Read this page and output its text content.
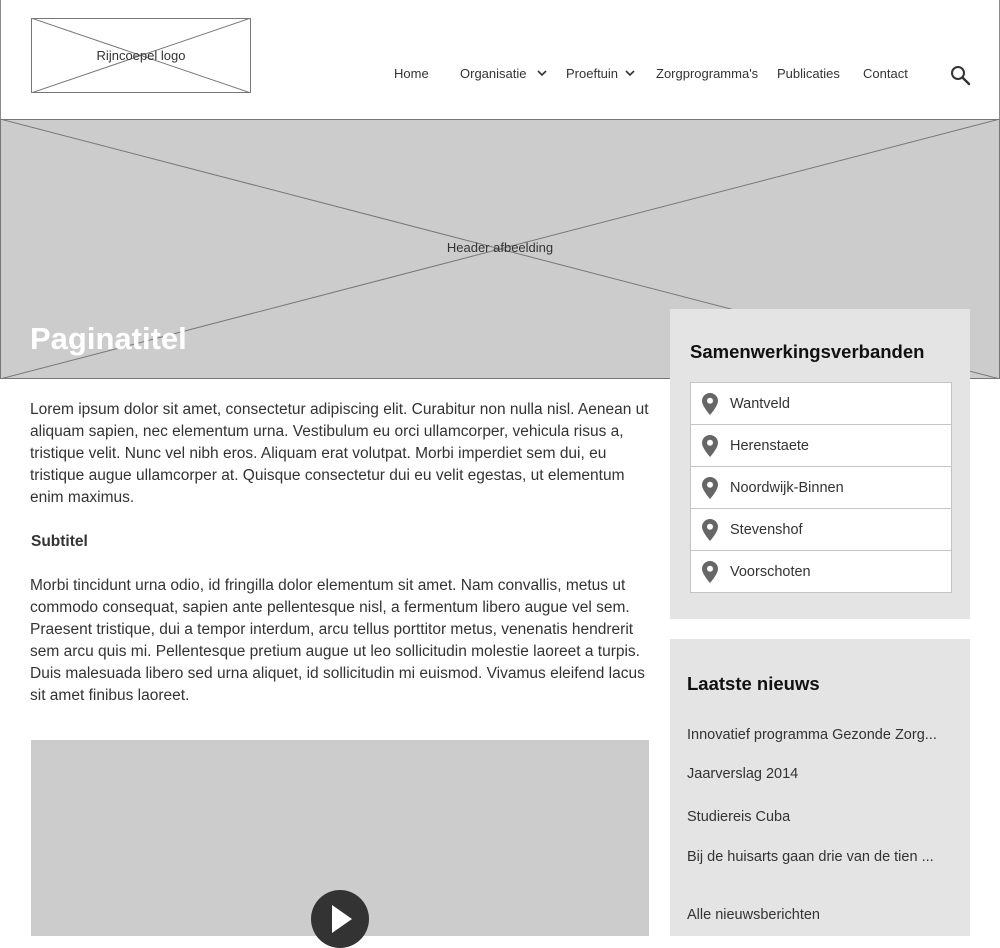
Rijncoepel logo
Home Organisatie	Proeftuin	Zorgprogramma's Publicaties Contact
Header afbeelding
Paginatitel

Lorem ipsum dolor sit amet, consectetur adipiscing elit. Curabitur non nulla nisl. Aenean ut aliquam sapien, nec elementum urna. Vestibulum eu orci ullamcorper, vehicula risus a, tristique velit. Nunc vel nibh eros. Aliquam erat volutpat. Morbi imperdiet sem dui, eu tristique augue ullamcorper at. Quisque consectetur dui eu velit egestas, ut elementum enim maximus.

Subtitel

Morbi tincidunt urna odio, id fringilla dolor elementum sit amet. Nam convallis, metus ut commodo consequat, sapien ante pellentesque nisl, a fermentum libero augue vel sem. Praesent tristique, dui a tempor interdum, arcu tellus porttitor metus, venenatis hendrerit sem arcu quis mi. Pellentesque pretium augue ut leo sollicitudin molestie laoreet a turpis. Duis malesuada libero sed urna aliquet, id sollicitudin mi euismod. Vivamus eleifend lacus sit amet finibus laoreet.

Samenwerkingsverbanden
Wantveld
Herenstaete
Noordwijk-Binnen
Stevenshof
Voorschoten
Laatste nieuws
Innovatief programma Gezonde Zorg...
Jaarverslag 2014
Studiereis Cuba
Bij de huisarts gaan drie van de tien ...
Alle nieuwsberichten
